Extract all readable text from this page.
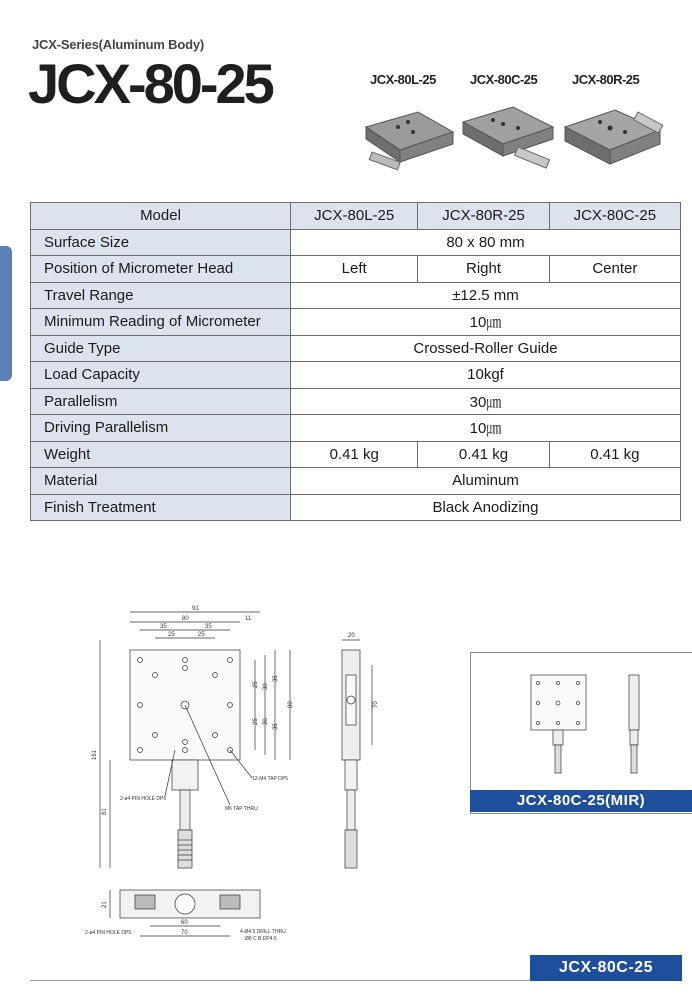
JCX-Series(Aluminum Body)
JCX-80-25	JCX-80L-25	JCX-80C-25	JCX-80R-25
Model	JCX-80L-25	JCX-80R-25	JCX-80C-25
Surface Size	80 x 80 mm		
Position of Micrometer Head	Left	Right	Center
Travel Range	±12.5 mm		
Minimum Reading of Micrometer	10㎛		
Guide Type	Crossed-Roller Guide		
Load Capacity	10kgf		
Parallelism	30㎛		
Driving Parallelism	10㎛		
Weight	0.41 kg	0.41 kg	0.41 kg
Material	Aluminum		
Finish Treatment	Black Anodizing		
91
80	11
35	35
25	25
25 30
35
25 30
35
80
161
81
12-M4 TAP DP5
2-ø4 PIN HOLE DP5
M6 TAP THRU
20
70
21
60
70
2-ø4 PIN HOLE DP5	4-Ø4.5 DRILL THRU
Ø8 C B DP4.5
JCX-80C-25(MIR)
JCX-80C-25
